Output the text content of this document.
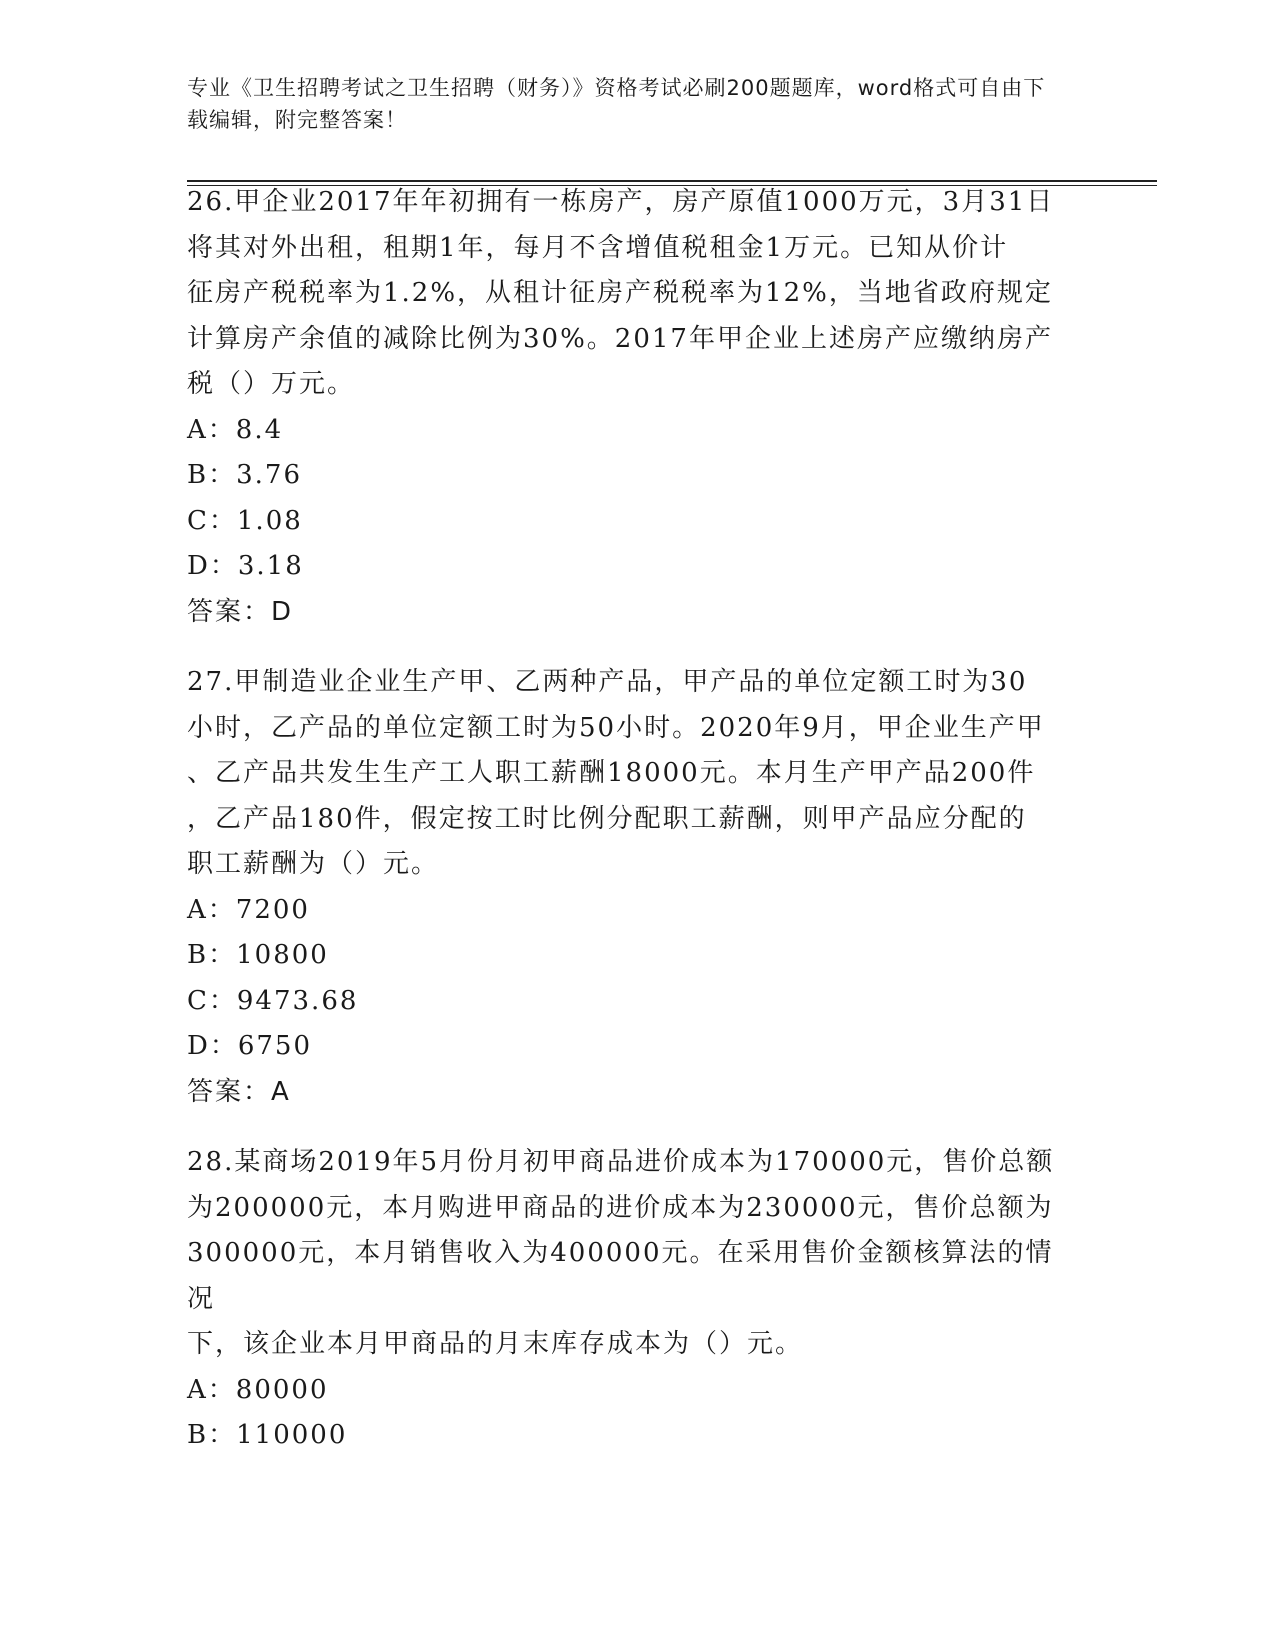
专业《卫生招聘考试之卫生招聘（财务）》资格考试必刷200题题库，word格式可自由下载编辑，附完整答案！

26.甲企业2017年年初拥有一栋房产，房产原值1000万元，3月31日

将其对外出租，租期1年，每月不含增值税租金1万元。已知从价计

征房产税税率为1.2%，从租计征房产税税率为12%，当地省政府规定

计算房产余值的减除比例为30%。2017年甲企业上述房产应缴纳房产

税（）万元。

A：8.4

B：3.76

C：1.08

D：3.18

答案：D

27.甲制造业企业生产甲、乙两种产品，甲产品的单位定额工时为30

小时，乙产品的单位定额工时为50小时。2020年9月，甲企业生产甲

、乙产品共发生生产工人职工薪酬18000元。本月生产甲产品200件

，乙产品180件，假定按工时比例分配职工薪酬，则甲产品应分配的

职工薪酬为（）元。

A：7200

B：10800

C：9473.68

D：6750

答案：A

28.某商场2019年5月份月初甲商品进价成本为170000元，售价总额

为200000元，本月购进甲商品的进价成本为230000元，售价总额为

300000元，本月销售收入为400000元。在采用售价金额核算法的情况

下，该企业本月甲商品的月末库存成本为（）元。

A：80000

B：110000
